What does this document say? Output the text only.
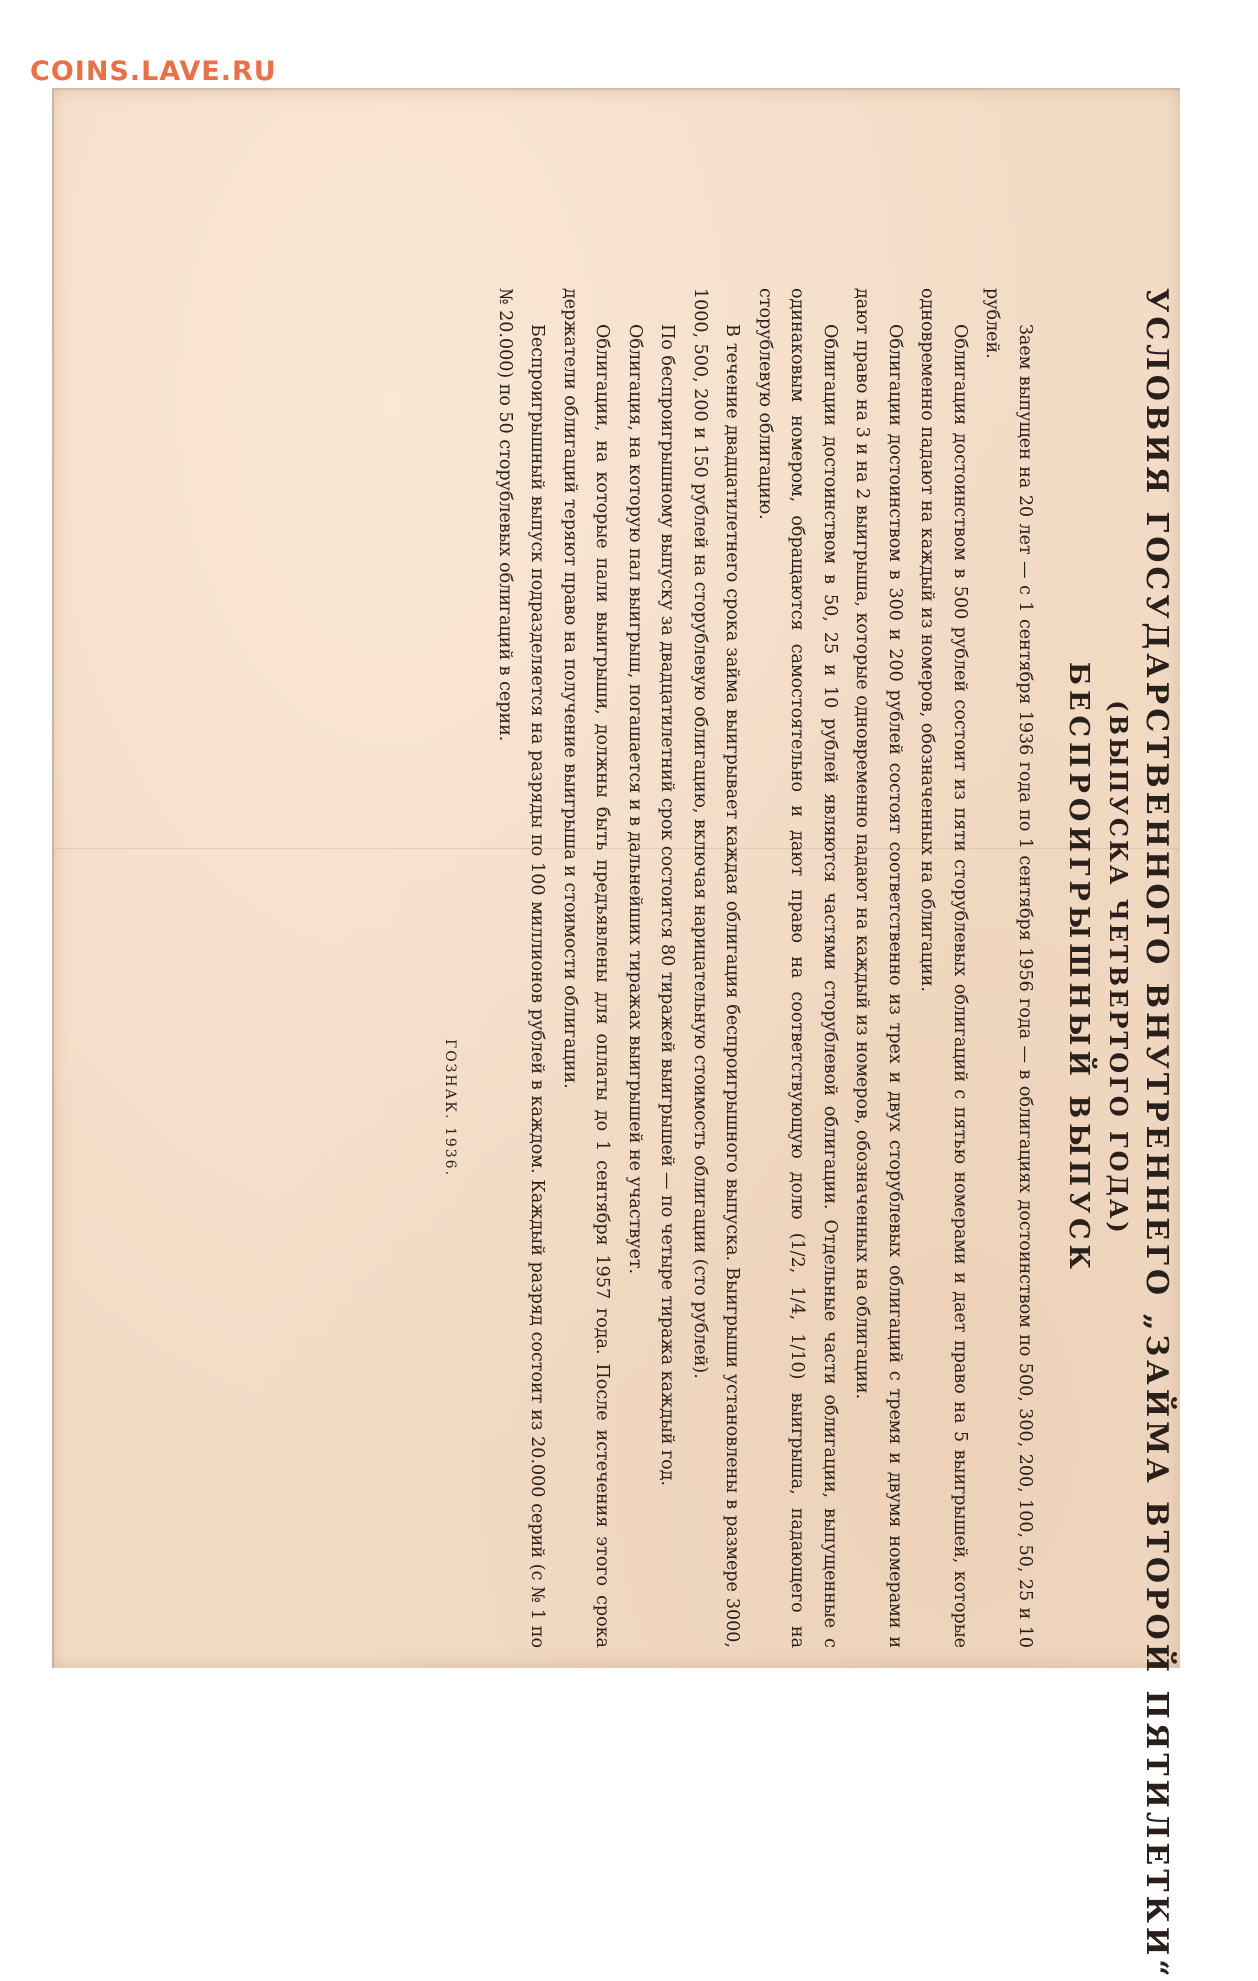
COINS.LAVE.RU
УСЛОВИЯ ГОСУДАРСТВЕННОГО ВНУТРЕННЕГО „ЗАЙМА ВТОРОЙ ПЯТИЛЕТКИ“
(ВЫПУСКА ЧЕТВЕРТОГО ГОДА)
БЕСПРОИГРЫШНЫЙ ВЫПУСК

Заем выпущен на 20 лет — с 1 сентября 1936 года по 1 сентября 1956 года — в облигациях достоинством по 500, 300, 200, 100, 50, 25 и 10 рублей.

Облигация достоинством в 500 рублей состоит из пяти сторублевых облигаций с пятью номерами и дает право на 5 выигрышей, которые одновременно падают на каждый из номеров, обозначенных на облигации.

Облигации достоинством в 300 и 200 рублей состоят соответственно из трех и двух сторублевых облигаций с тремя и двумя номерами и дают право на 3 и на 2 выигрыша, которые одновременно падают на каждый из номеров, обозначенных на облигации.

Облигации достоинством в 50, 25 и 10 рублей являются частями сторублевой облигации. Отдельные части облигации, выпущенные с одинаковым номером, обращаются самостоятельно и дают право на соответствующую долю (1/2, 1/4, 1/10) выигрыша, падающего на сторублевую облигацию.

В течение двадцатилетнего срока займа выигрывает каждая облигация беспроигрышного выпуска. Выигрыши установлены в размере 3000, 1000, 500, 200 и 150 рублей на сторублевую облигацию, включая нарицательную стоимость облигации (сто рублей).

По беспроигрышному выпуску за двадцатилетний срок состоится 80 тиражей выигрышей — по четыре тиража каждый год.

Облигация, на которую пал выигрыш, погашается и в дальнейших тиражах выигрышей не участвует.

Облигации, на которые пали выигрыши, должны быть предъявлены для оплаты до 1 сентября 1957 года. После истечения этого срока держатели облигаций теряют право на получение выигрыша и стоимости облигации.

Беспроигрышный выпуск подразделяется на разряды по 100 миллионов рублей в каждом. Каждый разряд состоит из 20.000 серий (с № 1 по № 20.000) по 50 сторублевых облигаций в серии.

ГОЗНАК. 1936.
